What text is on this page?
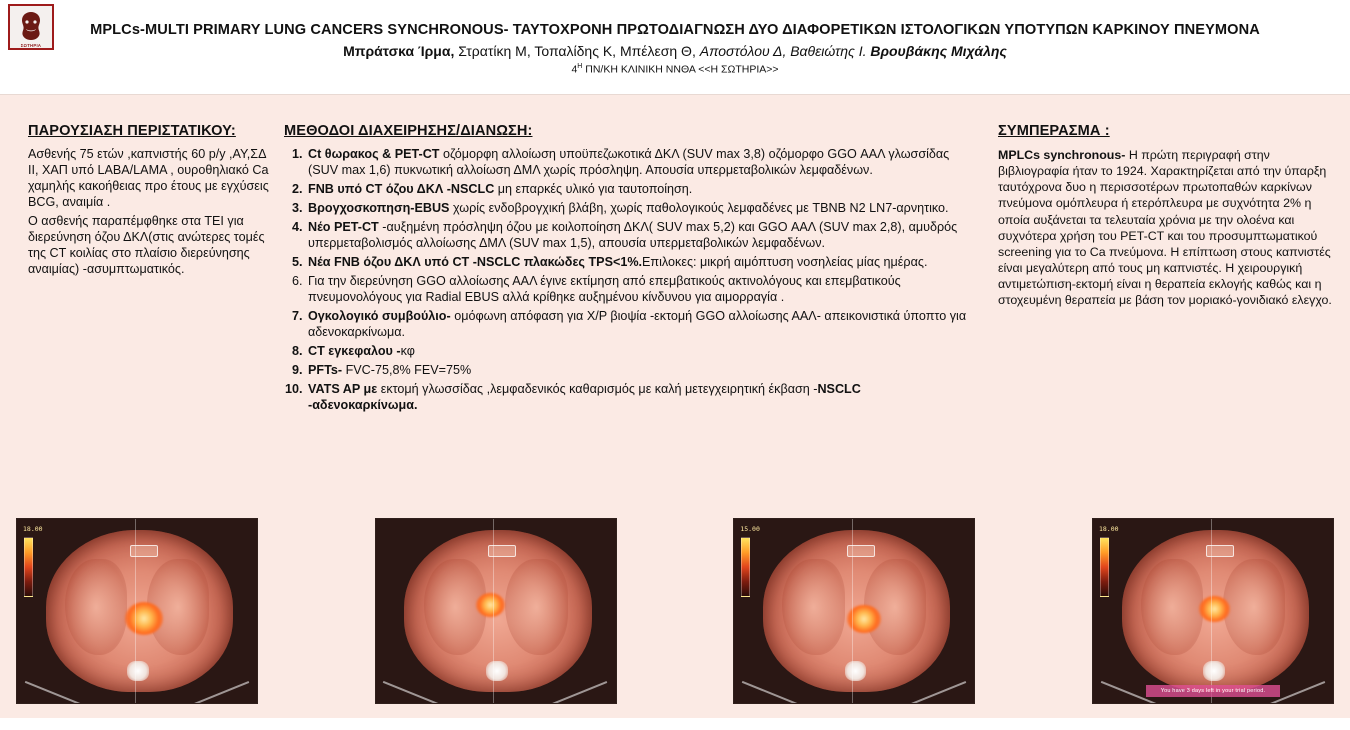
ΣΩΤΗΡΙΑ
MPLCs-MULTI PRIMARY LUNG CANCERS SYNCHRONOUS- ΤΑΥΤΟΧΡΟΝΗ ΠΡΩΤΟΔΙΑΓΝΩΣΗ ΔΥΟ ΔΙΑΦΟΡΕΤΙΚΩΝ ΙΣΤΟΛΟΓΙΚΩΝ ΥΠΟΤΥΠΩΝ ΚΑΡΚΙΝΟΥ ΠΝΕΥΜΟΝΑ
Μπράτσκα Ίρμα, Στρατίκη Μ, Τοπαλίδης Κ, Μπέλεση Θ, Αποστόλου Δ, Βαθειώτης Ι. Βρουβάκης Μιχάλης
$4^H$ ΠΝ/ΚΗ ΚΛΙΝΙΚΗ ΝΝΘΑ <<Η ΣΩΤΗΡΙΑ>>
ΠΑΡΟΥΣΙΑΣΗ ΠΕΡΙΣΤΑΤΙΚΟΥ:

Ασθενής 75 ετών ,καπνιστής 60 p/y ,ΑΥ,ΣΔ ΙΙ, ΧΑΠ υπό LABA/LAMA , ουροθηλιακό Ca χαμηλής κακοήθειας προ έτους με εγχύσεις BCG, αναιμία .

Ο ασθενής παραπέμφθηκε στα ΤΕΙ για διερεύνηση όζου ΔΚΛ(στις ανώτερες τομές της CT κοιλίας στο πλαίσιο διερεύνησης αναιμίας) -ασυμπτωματικός.

ΜΕΘΟΔΟΙ ΔΙΑΧΕΙΡΗΣΗΣ/ΔΙΑΝΩΣΗ:
1. Ct θωρακος & PET-CT οζόμορφη αλλοίωση υποϋπεζωκοτικά ΔΚΛ (SUV max 3,8) οζόμορφο GGO ΑΑΛ γλωσσίδας (SUV max 1,6) πυκνωτική αλλοίωση ΔΜΛ χωρίς πρόσληψη. Απουσία υπερμεταβολικών λεμφαδένων.
2. FNB υπό CT όζου ΔΚΛ -NSCLC μη επαρκές υλικό για ταυτοποίηση.
3. Βρογχοσκοπηση-EBUS χωρίς ενδοβρογχική βλάβη, χωρίς παθολογικούς λεμφαδένες με TBNB N2 LN7-αρνητικο.
4. Νέο PET-CT -αυξημένη πρόσληψη όζου με κοιλοποίηση ΔΚΛ( SUV max 5,2) και GGO ΑΑΛ (SUV max 2,8), αμυδρός υπερμεταβολισμός αλλοίωσης ΔΜΛ (SUV max 1,5), απουσία υπερμεταβολικών λεμφαδένων.
5. Νέα FNB όζου ΔΚΛ υπό CT -NSCLC πλακώδες TPS<1%.Επιλοκες: μικρή αιμόπτυση νοσηλείας μίας ημέρας.
6. Για την διερεύνηση GGO αλλοίωσης ΑΑΛ έγινε εκτίμηση από επεμβατικούς ακτινολόγους και επεμβατικούς πνευμονολόγους για Radial EBUS αλλά κρίθηκε αυξημένου κίνδυνου για αιμορραγία .
7. Ογκολογικό συμβούλιο- ομόφωνη απόφαση για Χ/Ρ βιοψία -εκτομή GGO αλλοίωσης ΑΑΛ- απεικονιστικά ύποπτο για αδενοκαρκίνωμα.
8. CT εγκεφαλου -κφ
9. PFTs- FVC-75,8% FEV=75%
10. VATS AP με εκτομή γλωσσίδας ,λεμφαδενικός καθαρισμός με καλή μετεγχειρητική έκβαση -NSCLC -αδενοκαρκίνωμα.
ΣΥΜΠΕΡΑΣΜΑ :

MPLCs synchronous- Η πρώτη περιγραφή στην βιβλιογραφία ήταν το 1924. Χαρακτηρίζεται από την ύπαρξη ταυτόχρονα δυο η περισσοτέρων πρωτοπαθών καρκίνων πνεύμονα ομόπλευρα ή ετερόπλευρα με συχνότητα 2% η οποία αυξάνεται τα τελευταία χρόνια με την ολοένα και συχνότερα χρήση του PET-CT και του προσυμπτωματικού screening για το Ca πνεύμονα. Η επίπτωση στους καπνιστές είναι μεγαλύτερη από τους μη καπνιστές. Η χειρουργική αντιμετώπιση-εκτομή είναι η θεραπεία εκλογής καθώς και η στοχευμένη θεραπεία με βάση τον μοριακό-γονιδιακό ελεγχο.

18.00	15.00	18.00
You have 3 days left in your trial period.
